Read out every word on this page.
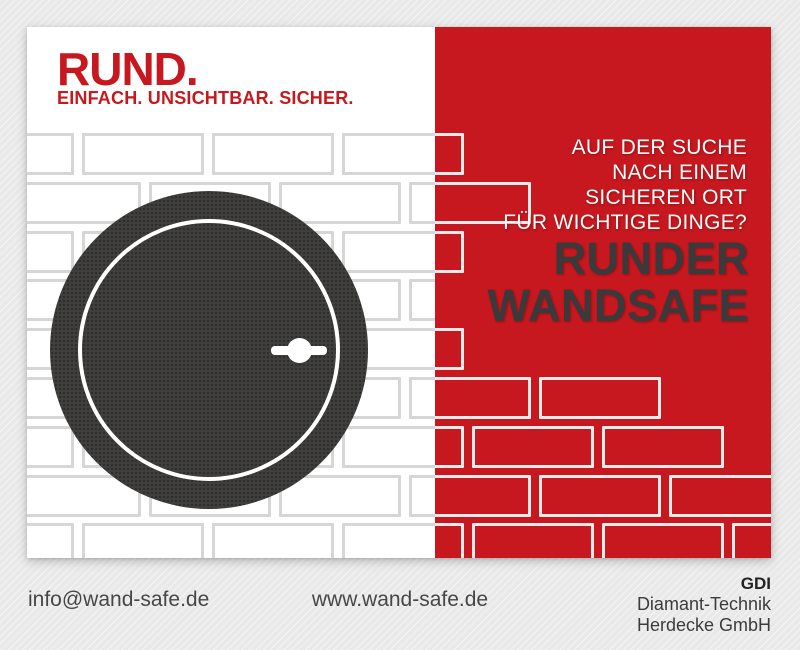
AUF DER SUCHE
NACH EINEM
SICHEREN ORT
FÜR WICHTIGE DINGE?
RUNDER
WANDSAFE
RUND.
EINFACH. UNSICHTBAR. SICHER.
info@wand-safe.de	www.wand-safe.de
GDI
Diamant-Technik
Herdecke GmbH
